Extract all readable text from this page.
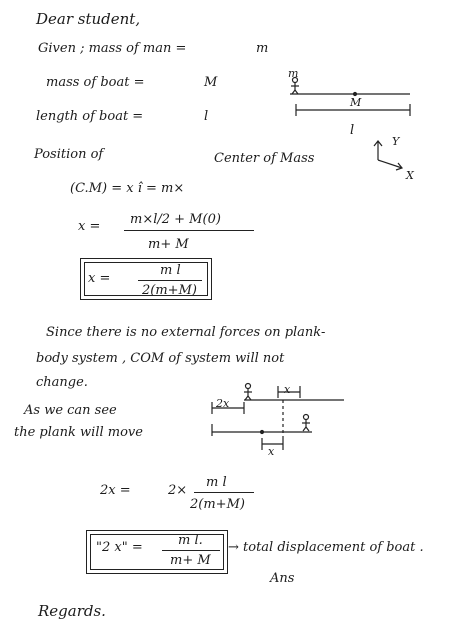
Dear student,
Given ; mass of man =	m
mass of boat =	M
length of boat =	l
m
M
l
Y
X
Position of	Center of Mass
(C.M) = x î = m×
x = m×l/2 + M(0)
m+ M
x =
m l
2(m+M)
Since there is no external forces on plank-
body system , COM of system will not
change.
As we can see
the plank will move
2x
x
x
2x =	2×
m l
2(m+M)
"2 x" =	m l.
m+ M
→ total displacement of boat .
Ans
Regards.
